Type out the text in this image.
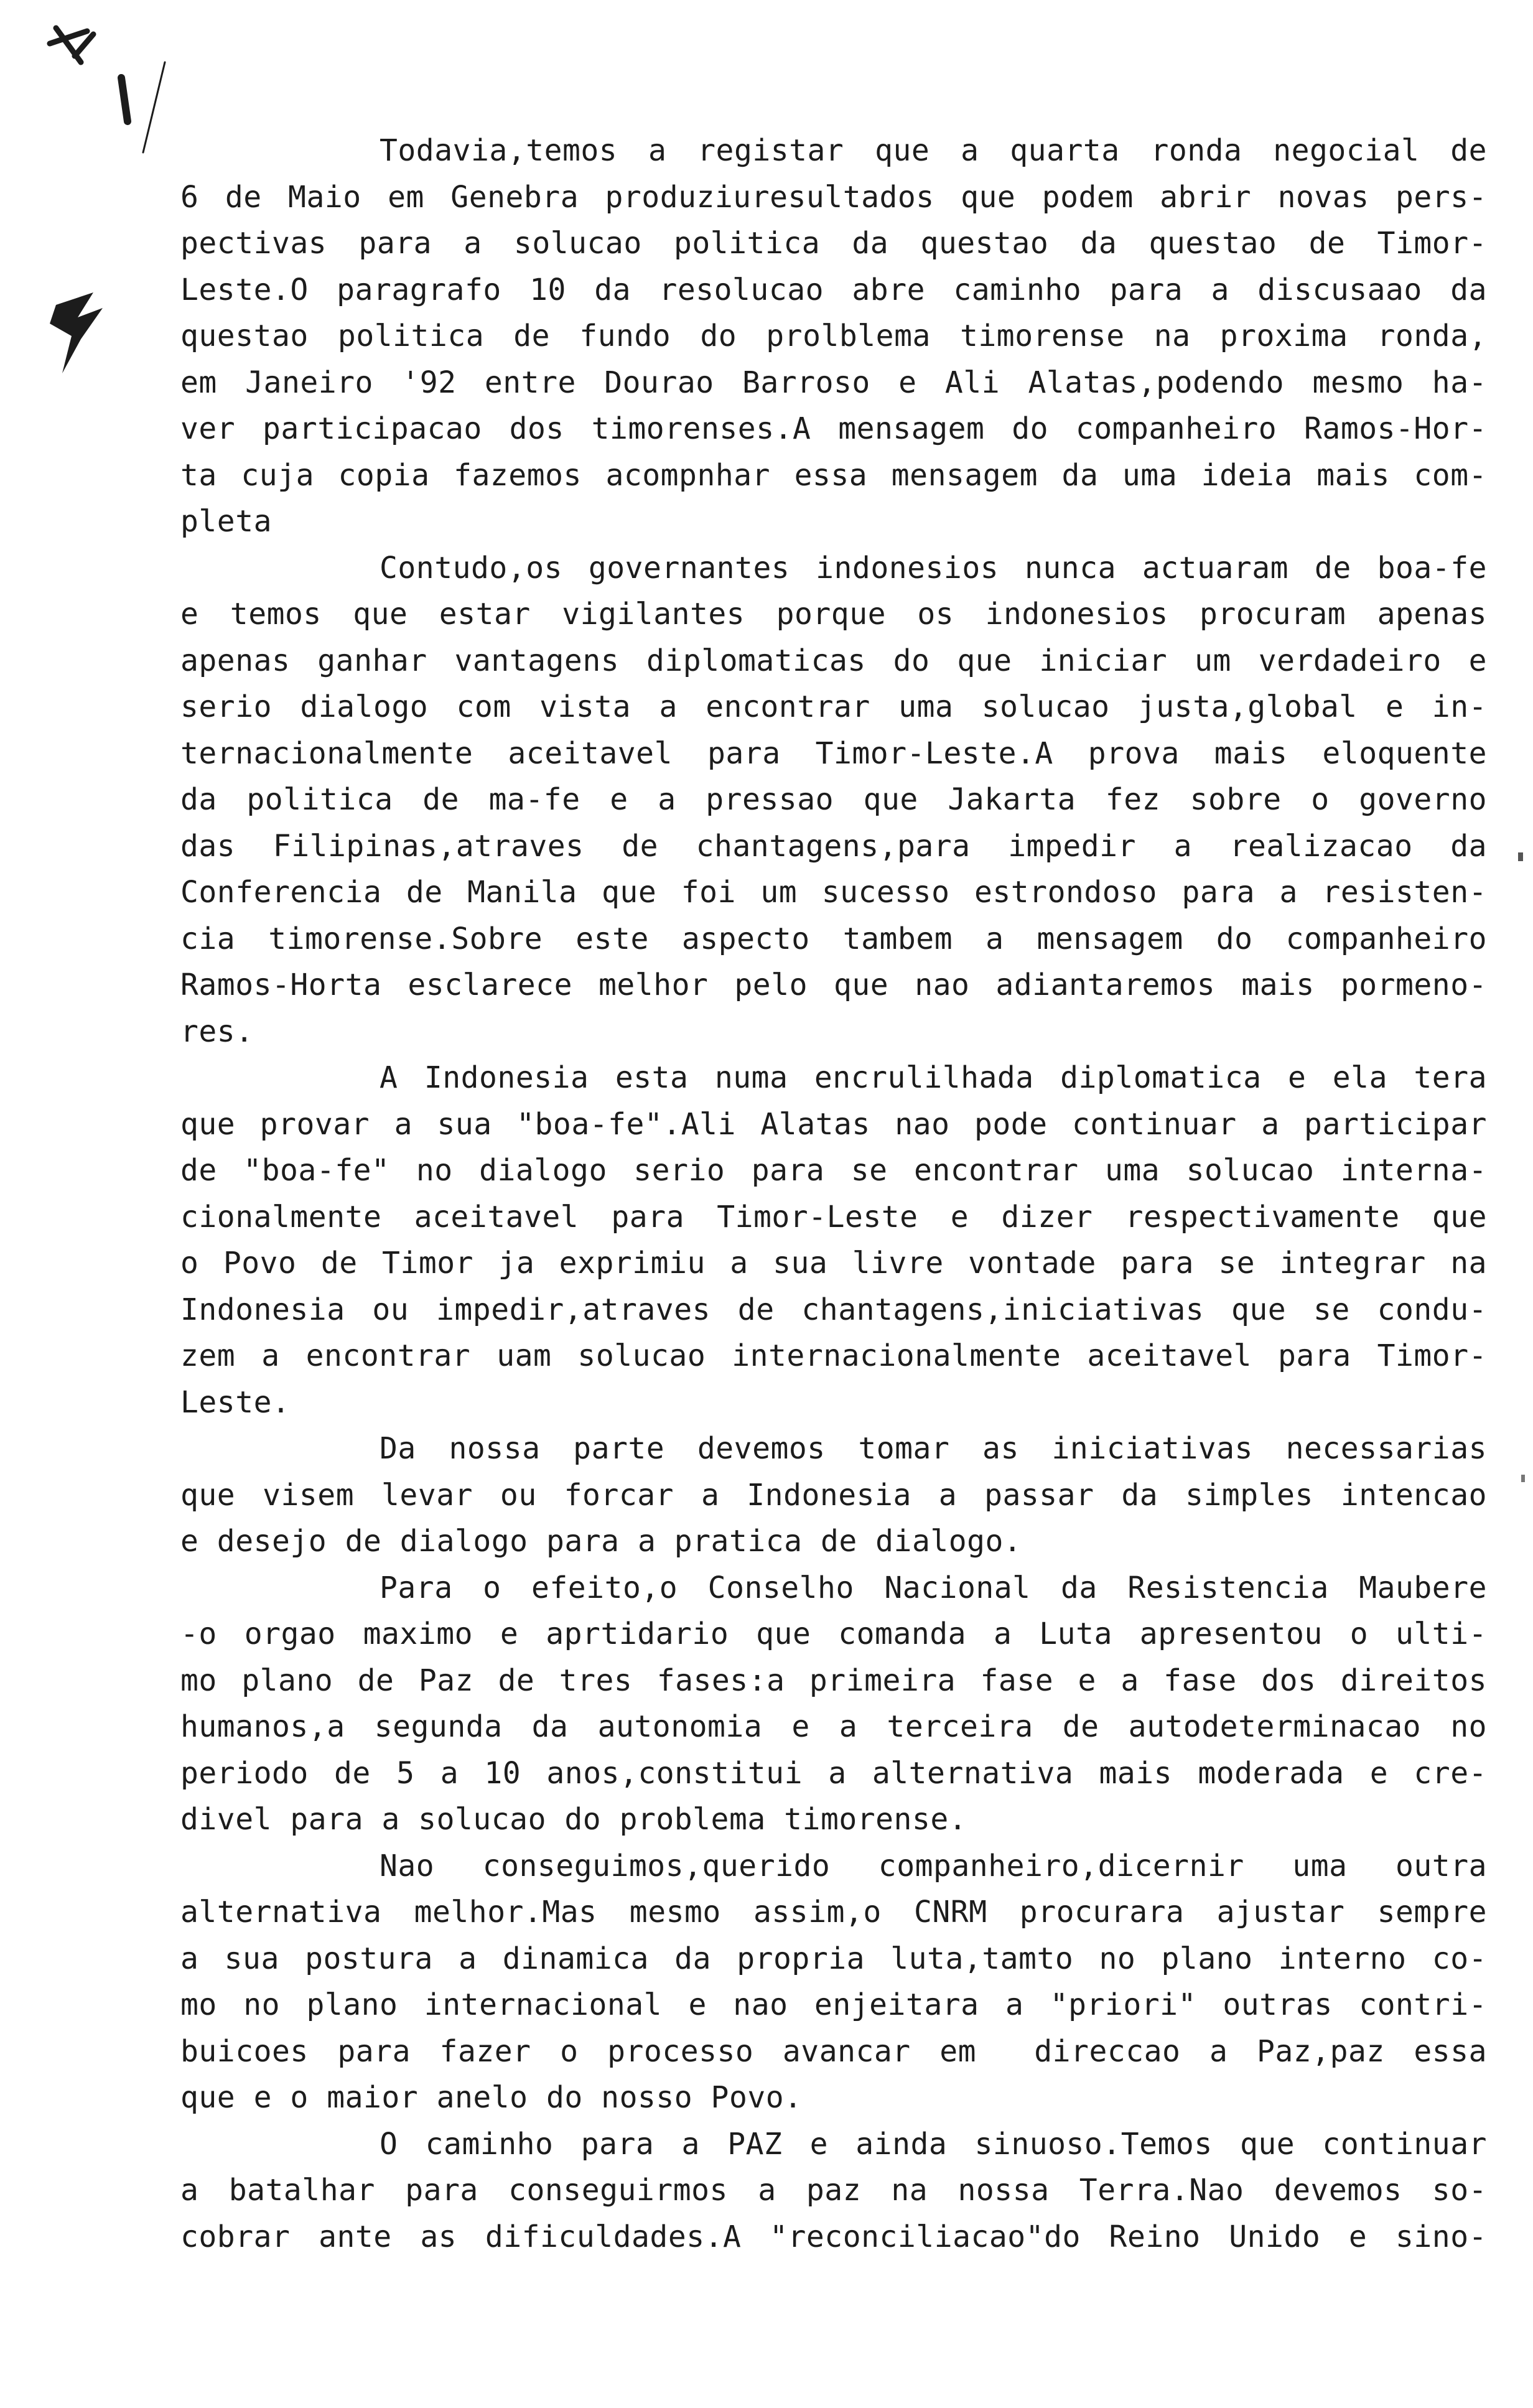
Todavia,temos a registar que a quarta ronda negocial de
6 de Maio em Genebra produziuresultados que podem abrir novas pers-
pectivas para a solucao politica da questao da questao de Timor-
Leste.O paragrafo 10 da resolucao abre caminho para a discusaao da
questao politica de fundo do prolblema timorense na proxima ronda,
em Janeiro '92 entre Dourao Barroso e Ali Alatas,podendo mesmo ha-
ver participacao dos timorenses.A mensagem do companheiro Ramos-Hor-
ta cuja copia fazemos acompnhar essa mensagem da uma ideia mais com-
pleta
Contudo,os governantes indonesios nunca actuaram de boa-fe
e temos que estar vigilantes porque os indonesios procuram apenas
apenas ganhar vantagens diplomaticas do que iniciar um verdadeiro e
serio dialogo com vista a encontrar uma solucao justa,global e in-
ternacionalmente aceitavel para Timor-Leste.A prova mais eloquente
da politica de ma-fe e a pressao que Jakarta fez sobre o governo
das Filipinas,atraves de chantagens,para impedir a realizacao da
Conferencia de Manila que foi um sucesso estrondoso para a resisten-
cia timorense.Sobre este aspecto tambem a mensagem do companheiro
Ramos-Horta esclarece melhor pelo que nao adiantaremos mais pormeno-
res.
A Indonesia esta numa encrulilhada diplomatica e ela tera
que provar a sua "boa-fe".Ali Alatas nao pode continuar a participar
de "boa-fe" no dialogo serio para se encontrar uma solucao interna-
cionalmente aceitavel para Timor-Leste e dizer respectivamente que
o Povo de Timor ja exprimiu a sua livre vontade para se integrar na
Indonesia ou impedir,atraves de chantagens,iniciativas que se condu-
zem a encontrar uam solucao internacionalmente aceitavel para Timor-
Leste.
Da nossa parte devemos tomar as iniciativas necessarias
que visem levar ou forcar a Indonesia a passar da simples intencao
e desejo de dialogo para a pratica de dialogo.
Para o efeito,o Conselho Nacional da Resistencia Maubere
-o orgao maximo e aprtidario que comanda a Luta apresentou o ulti-
mo plano de Paz de tres fases:a primeira fase e a fase dos direitos
humanos,a segunda da autonomia e a terceira de autodeterminacao no
periodo de 5 a 10 anos,constitui a alternativa mais moderada e cre-
divel para a solucao do problema timorense.
Nao conseguimos,querido companheiro,dicernir uma outra
alternativa melhor.Mas mesmo assim,o CNRM procurara ajustar sempre
a sua postura a dinamica da propria luta,tamto no plano interno co-
mo no plano internacional e nao enjeitara a "priori" outras contri-
buicoes para fazer o processo avancar em  direccao a Paz,paz essa
que e o maior anelo do nosso Povo.
O caminho para a PAZ e ainda sinuoso.Temos que continuar
a batalhar para conseguirmos a paz na nossa Terra.Nao devemos so-
cobrar ante as dificuldades.A "reconciliacao"do Reino Unido e sino-
